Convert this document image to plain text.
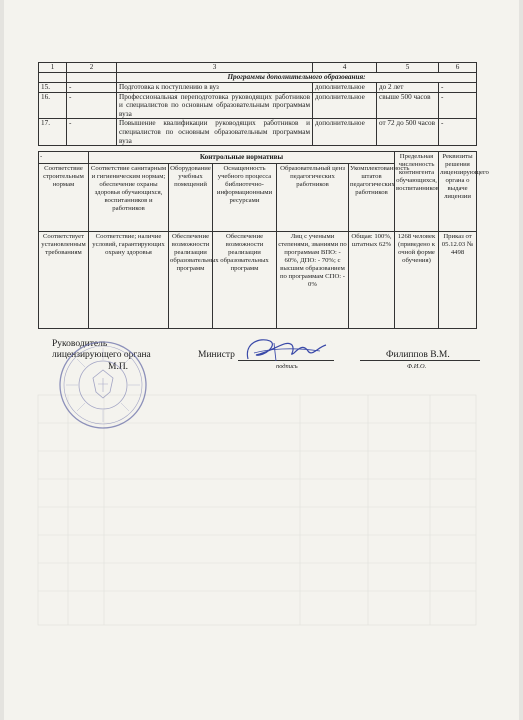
1	2	3	4	5	6
		Программы дополнительного образования:			
15.	-	Подготовка к поступлению в вуз	дополнительное	до 2 лет	-
16.	-	Профессиональная переподготовка руководящих работников и специалистов по основным образовательным программам вуза	дополнительное	свыше 500 часов	-
17.	-	Повышение квалификации руководящих работников и специалистов по основным образовательным программам вуза	дополнительное	от 72 до 500 часов	-
-	Контрольные нормативы					Предельная численность контингента обучающихся, воспитанников	Реквизиты решения лицензирующего органа о выдаче лицензии
Соответствие строительным нормам	Соответствие санитарным и гигиеническим нормам; обеспечение охраны здоровья обучающихся, воспитанников и работников	Оборудование учебных помещений	Оснащенность учебного процесса библиотечно-информационными ресурсами	Образовательный ценз педагогических работников	Укомплектованность штатов педагогических работников		
Соответствует установленным требованиям	Соответствие; наличие условий, гарантирующих охрану здоровья	Обеспечение возможности реализации образовательных программ	Обеспечение возможности реализации образовательных программ	Лиц с учеными степенями, званиями по программам ВПО: - 60%, ДПО: - 70%; с высшим образованием по программам СПО: - 0%	Общая: 100%, штатных 62%	1268 человек (приведено к очной форме обучения)	Приказ от 05.12.03 № 4498
Руководитель
лицензирующего органа
М.П.
Министр
подпись
Филиппов В.М.
Ф.И.О.
